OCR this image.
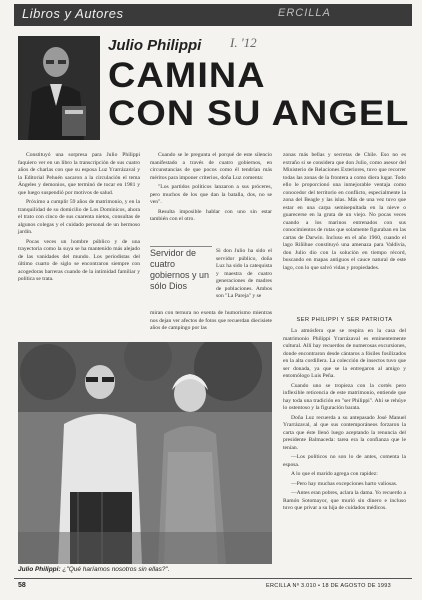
Libros y Autores	ERCILLA
Julio Philippi I. '12
CAMINA
CON SU ANGEL

Constituyó una sorpresa para Julio Philippi faquiero ver en un libro la transcripción de sus cuatro años de charlas con que su esposa Luz Yrarrázaval y la Editorial Pehuén sacaron a la circulación el tema Ángeles y demonios, que terminó de tocar en 1981 y que luego suspendió por motivos de salud.

Próximo a cumplir 59 años de matrimonio, y en la tranquilidad de su domicilio de Los Dominicos, ahora el trato con cinco de sus cuarenta nietos, consultas de algunos colegas y el cuidado personal de un hermoso jardín.

Pocas veces un hombre público y de una trayectoria como la suya se ha mantenido más alejado de las vanidades del mundo. Los periodistas del último cuarto de siglo se encontraron siempre con acogedoras barreras cuando de la intimidad familiar y política se trata.

Cuando se le pregunta el porqué de este silencio manifestado a través de cuatro gobiernos, en circunstancias de que pocos como él tendrían más méritos para imponer criterios, doña Luz comenta:

"Los partidos políticos lanzaron a sus próceres, pero muchos de los que dan la batalla, dos, no se ven".

Resulta imposible hablar con uno sin estar también con el otro.

Servidor de cuatro gobiernos y un sólo Dios

Si don Julio ha sido el servidor público, doña Luz ha sido la catequista y maestra de cuatro generaciones de madres de poblaciones. Ambos son "La Pareja" y se

miran con ternura no exenta de humorismo mientras nos dejan ver afectos de fotos que recuerdan diecisiete años de campingo por las

zonas más bellas y secretas de Chile. Eso no es extraño si se considera que don Julio, como asesor del Ministerio de Relaciones Exteriores, tuvo que recorrer todas las zonas de la frontera a como diera lugar. Todo ello le proporcionó una inmejorable ventaja como conocedor del territorio en conflicto, especialmente la zona del Beagle y las islas. Más de una vez tuvo que estar en una carpa semisepultada en la nieve o guarecerse en la gruta de un viejo. No pocas veces cuando a los marinos entrenados con sus conocimientos de rutas que solamente figuraban en las cartas de Darwin. Incluso en el año 1960, cuando el lago Riñihue constituyó una amenaza para Valdivia, don Julio dio con la solución en tiempo récord, buscando en mapas antiguos el cauce natural de este lago, con lo que salvó vidas y propiedades.

SER PHILIPPI Y SER PATRIOTA

La atmósfera que se respira en la casa del matrimonio Philippi Yrarrázaval es eminentemente cultural. Allí hay recuerdos de numerosas excursiones, donde encontraron desde cántaros a fósiles fosilizados en la alta cordillera. La colección de insectos tuvo que ser donada, ya que se la entregaron al amigo y entomólogo Luis Peña.

Cuando uno se tropieza con la cortés pero inflexible reticencia de este matrimonio, entiende que hay toda una tradición en "ser Philippi". Ahí se rehúye lo ostentoso y la figuración barata.

Doña Luz recuerda a su antepasado José Manuel Yrarrázaval, al que sus contemporáneos forzaron la carta que éste llenó luego aceptando la renuncia del presidente Balmaceda: tarea era la confianza que le tenían.

—Los políticos no son lo de antes, comenta la esposa.

A lo que el marido agrega con rapidez:

—Pero hay muchas excepciones harto valiosas.

—Antes eran pobres, aclara la dama. Yo recuerdo a Ramón Sotomayor, que murió sin dinero e incluso tuvo que privar a su hija de cuidados médicos.

Julio Philippi: ¿"Qué haríamos nosotros sin ellas?".
58	ERCILLA Nº 3.010 • 18 DE AGOSTO DE 1993
